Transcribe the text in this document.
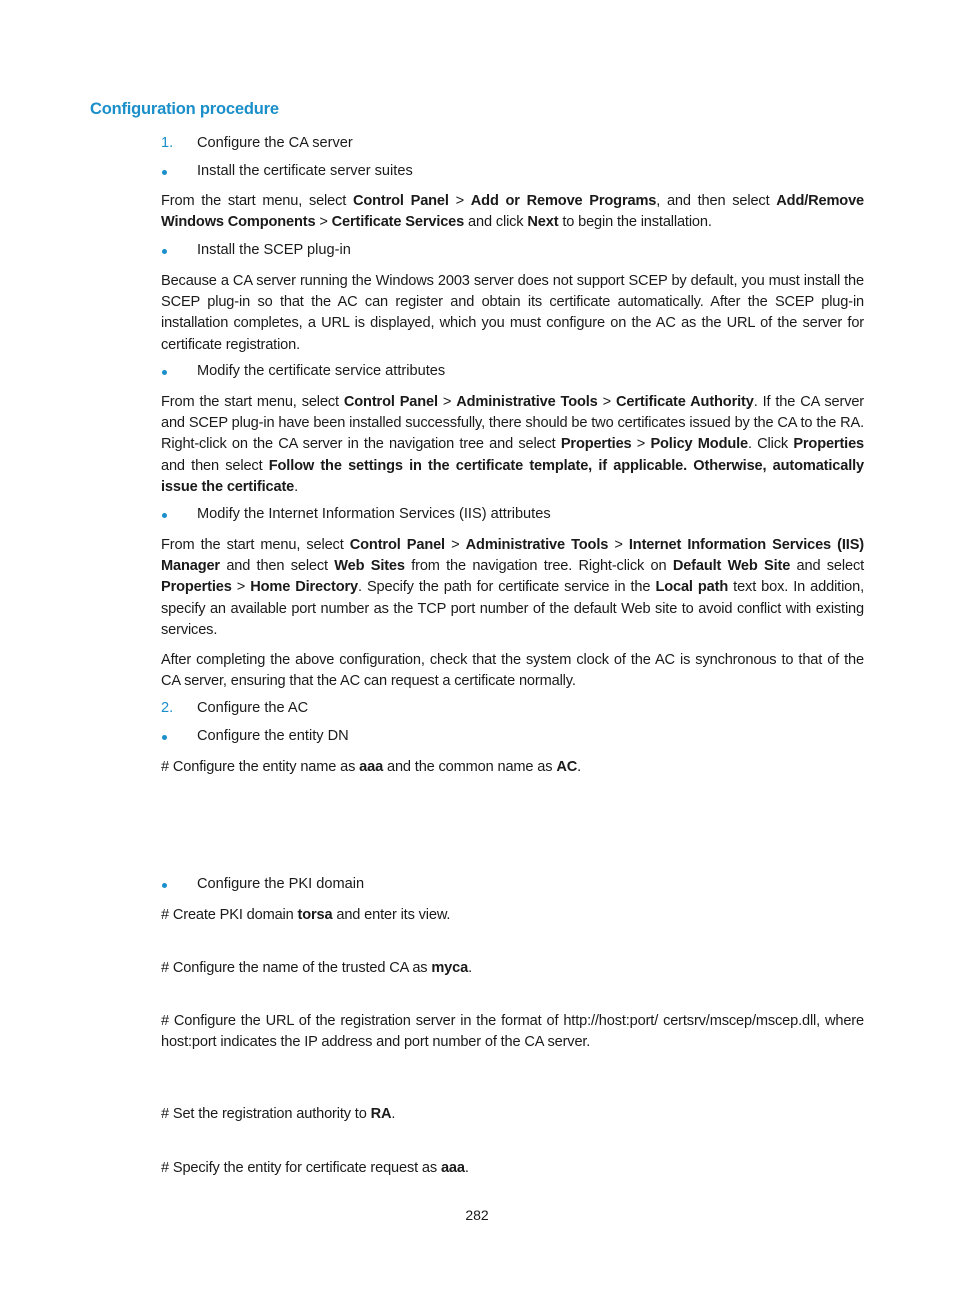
Configuration procedure
1. Configure the CA server
Install the certificate server suites
From the start menu, select Control Panel > Add or Remove Programs, and then select Add/Remove Windows Components > Certificate Services and click Next to begin the installation.
Install the SCEP plug-in
Because a CA server running the Windows 2003 server does not support SCEP by default, you must install the SCEP plug-in so that the AC can register and obtain its certificate automatically. After the SCEP plug-in installation completes, a URL is displayed, which you must configure on the AC as the URL of the server for certificate registration.
Modify the certificate service attributes
From the start menu, select Control Panel > Administrative Tools > Certificate Authority. If the CA server and SCEP plug-in have been installed successfully, there should be two certificates issued by the CA to the RA. Right-click on the CA server in the navigation tree and select Properties > Policy Module. Click Properties and then select Follow the settings in the certificate template, if applicable. Otherwise, automatically issue the certificate.
Modify the Internet Information Services (IIS) attributes
From the start menu, select Control Panel > Administrative Tools > Internet Information Services (IIS) Manager and then select Web Sites from the navigation tree. Right-click on Default Web Site and select Properties > Home Directory. Specify the path for certificate service in the Local path text box. In addition, specify an available port number as the TCP port number of the default Web site to avoid conflict with existing services.
After completing the above configuration, check that the system clock of the AC is synchronous to that of the CA server, ensuring that the AC can request a certificate normally.
2. Configure the AC
Configure the entity DN
# Configure the entity name as aaa and the common name as AC.
Configure the PKI domain
# Create PKI domain torsa and enter its view.
# Configure the name of the trusted CA as myca.
# Configure the URL of the registration server in the format of http://host:port/ certsrv/mscep/mscep.dll, where host:port indicates the IP address and port number of the CA server.
# Set the registration authority to RA.
# Specify the entity for certificate request as aaa.
282
